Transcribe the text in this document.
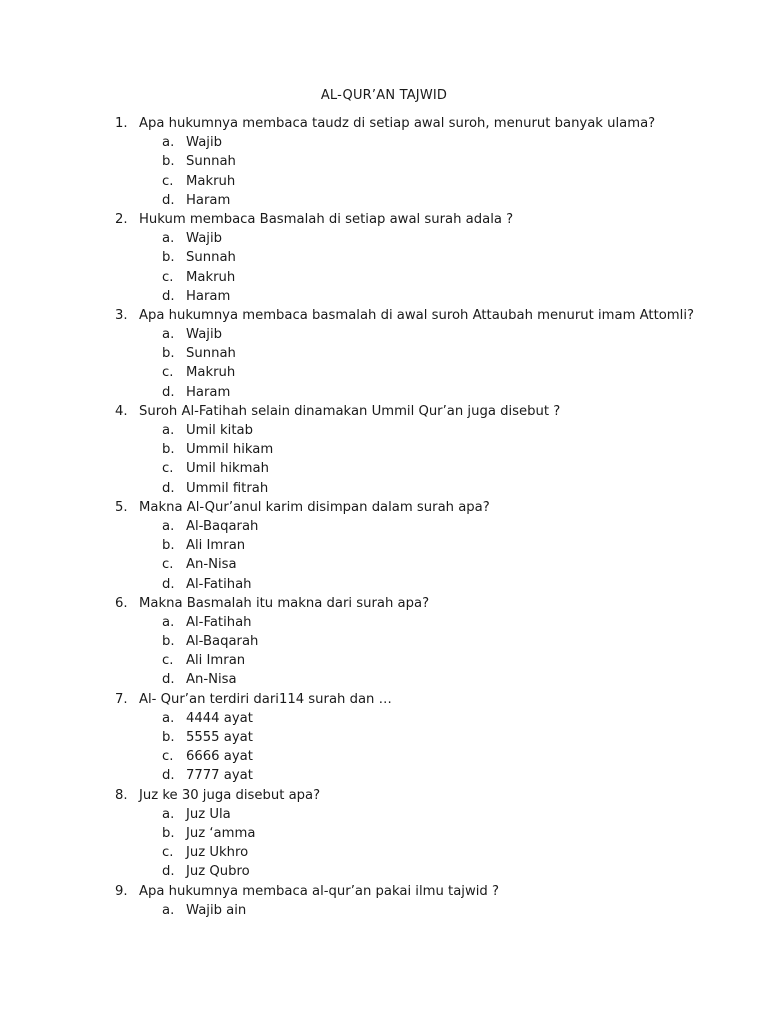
AL-QUR’AN TAJWID
1. Apa hukumnya membaca taudz di setiap awal suroh, menurut banyak ulama?
a. Wajib
b. Sunnah
c. Makruh
d. Haram
2. Hukum membaca Basmalah di setiap awal surah adala ?
a. Wajib
b. Sunnah
c. Makruh
d. Haram
3. Apa hukumnya membaca basmalah di awal suroh Attaubah menurut imam Attomli?
a. Wajib
b. Sunnah
c. Makruh
d. Haram
4. Suroh Al-Fatihah selain dinamakan Ummil Qur’an juga disebut ?
a. Umil kitab
b. Ummil hikam
c. Umil hikmah
d. Ummil fitrah
5. Makna Al-Qur’anul karim disimpan dalam surah apa?
a. Al-Baqarah
b. Ali Imran
c. An-Nisa
d. Al-Fatihah
6. Makna Basmalah itu makna dari surah apa?
a. Al-Fatihah
b. Al-Baqarah
c. Ali Imran
d. An-Nisa
7. Al- Qur’an terdiri dari114 surah dan …
a. 4444 ayat
b. 5555 ayat
c. 6666 ayat
d. 7777 ayat
8. Juz ke 30 juga disebut apa?
a. Juz Ula
b. Juz ‘amma
c. Juz Ukhro
d. Juz Qubro
9. Apa hukumnya membaca al-qur’an pakai ilmu tajwid ?
a. Wajib ain
